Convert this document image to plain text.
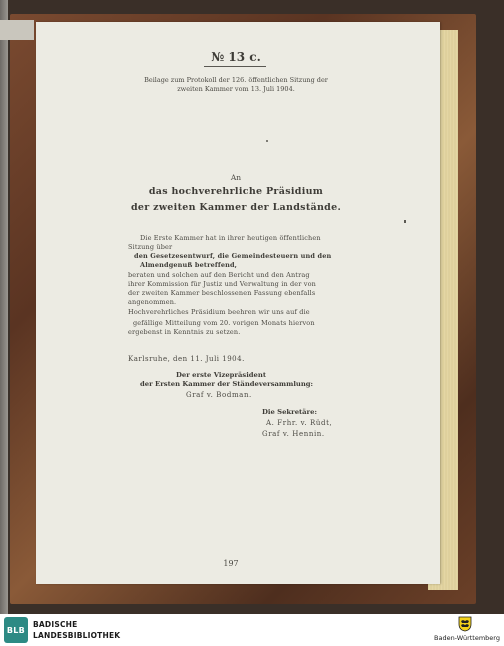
№ 13 c.
Beilage zum Protokoll der 126. öffentlichen Sitzung der
zweiten Kammer vom 13. Juli 1904.
An
das hochverehrliche Präsidium
der zweiten Kammer der Landstände.
Die Erste Kammer hat in ihrer heutigen öffentlichen
Sitzung über
den Gesetzesentwurf, die Gemeindesteuern und den
Almendgenuß betreffend,
beraten und solchen auf den Bericht und den Antrag
ihrer Kommission für Justiz und Verwaltung in der von
der zweiten Kammer beschlossenen Fassung ebenfalls
angenommen.
Hochverehrliches Präsidium beehren wir uns auf die
gefällige Mitteilung vom 20. vorigen Monats hiervon
ergebenst in Kenntnis zu setzen.
Karlsruhe, den 11. Juli 1904.
Der erste Vizepräsident
der Ersten Kammer der Ständeversammlung:
Graf v. Bodman.
Die Sekretäre:
A. Frhr. v. Rüdt,
Graf v. Hennin.
197
BLB
BADISCHE
LANDESBIBLIOTHEK	Baden-Württemberg
